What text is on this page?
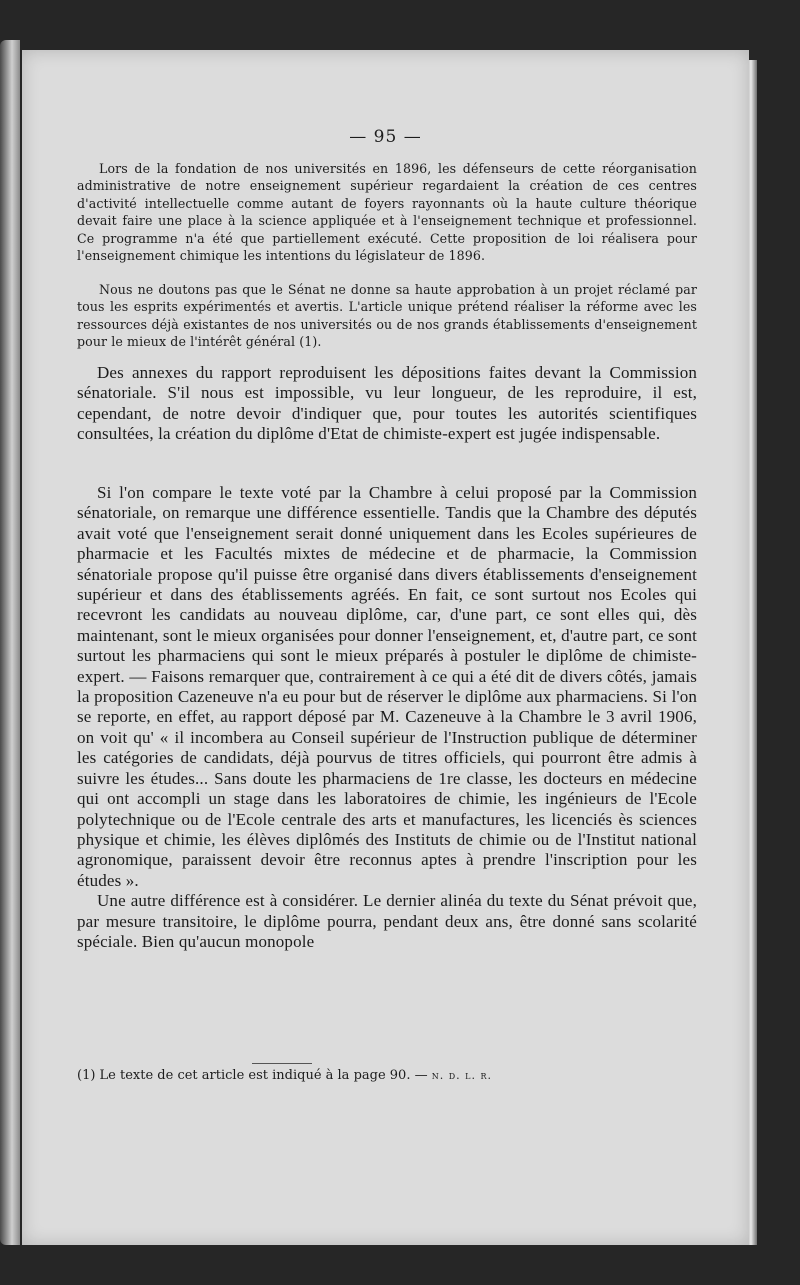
— 95 —

Lors de la fondation de nos universités en 1896, les défenseurs de cette réorganisation administrative de notre enseignement supérieur regardaient la création de ces centres d'activité intellectuelle comme autant de foyers rayonnants où la haute culture théorique devait faire une place à la science appliquée et à l'enseignement technique et professionnel. Ce programme n'a été que partiellement exécuté. Cette proposition de loi réalisera pour l'enseignement chimique les intentions du législateur de 1896.

Nous ne doutons pas que le Sénat ne donne sa haute approbation à un projet réclamé par tous les esprits expérimentés et avertis. L'article unique prétend réaliser la réforme avec les ressources déjà existantes de nos universités ou de nos grands établissements d'enseignement pour le mieux de l'intérêt général (1).

Des annexes du rapport reproduisent les dépositions faites devant la Commission sénatoriale. S'il nous est impossible, vu leur longueur, de les reproduire, il est, cependant, de notre devoir d'indiquer que, pour toutes les autorités scientifiques consultées, la création du diplôme d'Etat de chimiste-expert est jugée indispensable.

Si l'on compare le texte voté par la Chambre à celui proposé par la Commission sénatoriale, on remarque une différence essentielle. Tandis que la Chambre des députés avait voté que l'enseignement serait donné uniquement dans les Ecoles supérieures de pharmacie et les Facultés mixtes de médecine et de pharmacie, la Commission sénatoriale propose qu'il puisse être organisé dans divers établissements d'enseignement supérieur et dans des établissements agréés. En fait, ce sont surtout nos Ecoles qui recevront les candidats au nouveau diplôme, car, d'une part, ce sont elles qui, dès maintenant, sont le mieux organisées pour donner l'enseignement, et, d'autre part, ce sont surtout les pharmaciens qui sont le mieux préparés à postuler le diplôme de chimiste-expert. — Faisons remarquer que, contrairement à ce qui a été dit de divers côtés, jamais la proposition Cazeneuve n'a eu pour but de réserver le diplôme aux pharmaciens. Si l'on se reporte, en effet, au rapport déposé par M. Cazeneuve à la Chambre le 3 avril 1906, on voit qu' « il incombera au Conseil supérieur de l'Instruction publique de déterminer les catégories de candidats, déjà pourvus de titres officiels, qui pourront être admis à suivre les études... Sans doute les pharmaciens de 1re classe, les docteurs en médecine qui ont accompli un stage dans les laboratoires de chimie, les ingénieurs de l'Ecole polytechnique ou de l'Ecole centrale des arts et manufactures, les licenciés ès sciences physique et chimie, les élèves diplômés des Instituts de chimie ou de l'Institut national agronomique, paraissent devoir être reconnus aptes à prendre l'inscription pour les études ».

Une autre différence est à considérer. Le dernier alinéa du texte du Sénat prévoit que, par mesure transitoire, le diplôme pourra, pendant deux ans, être donné sans scolarité spéciale. Bien qu'aucun monopole

(1) Le texte de cet article est indiqué à la page 90. — n. d. l. r.
